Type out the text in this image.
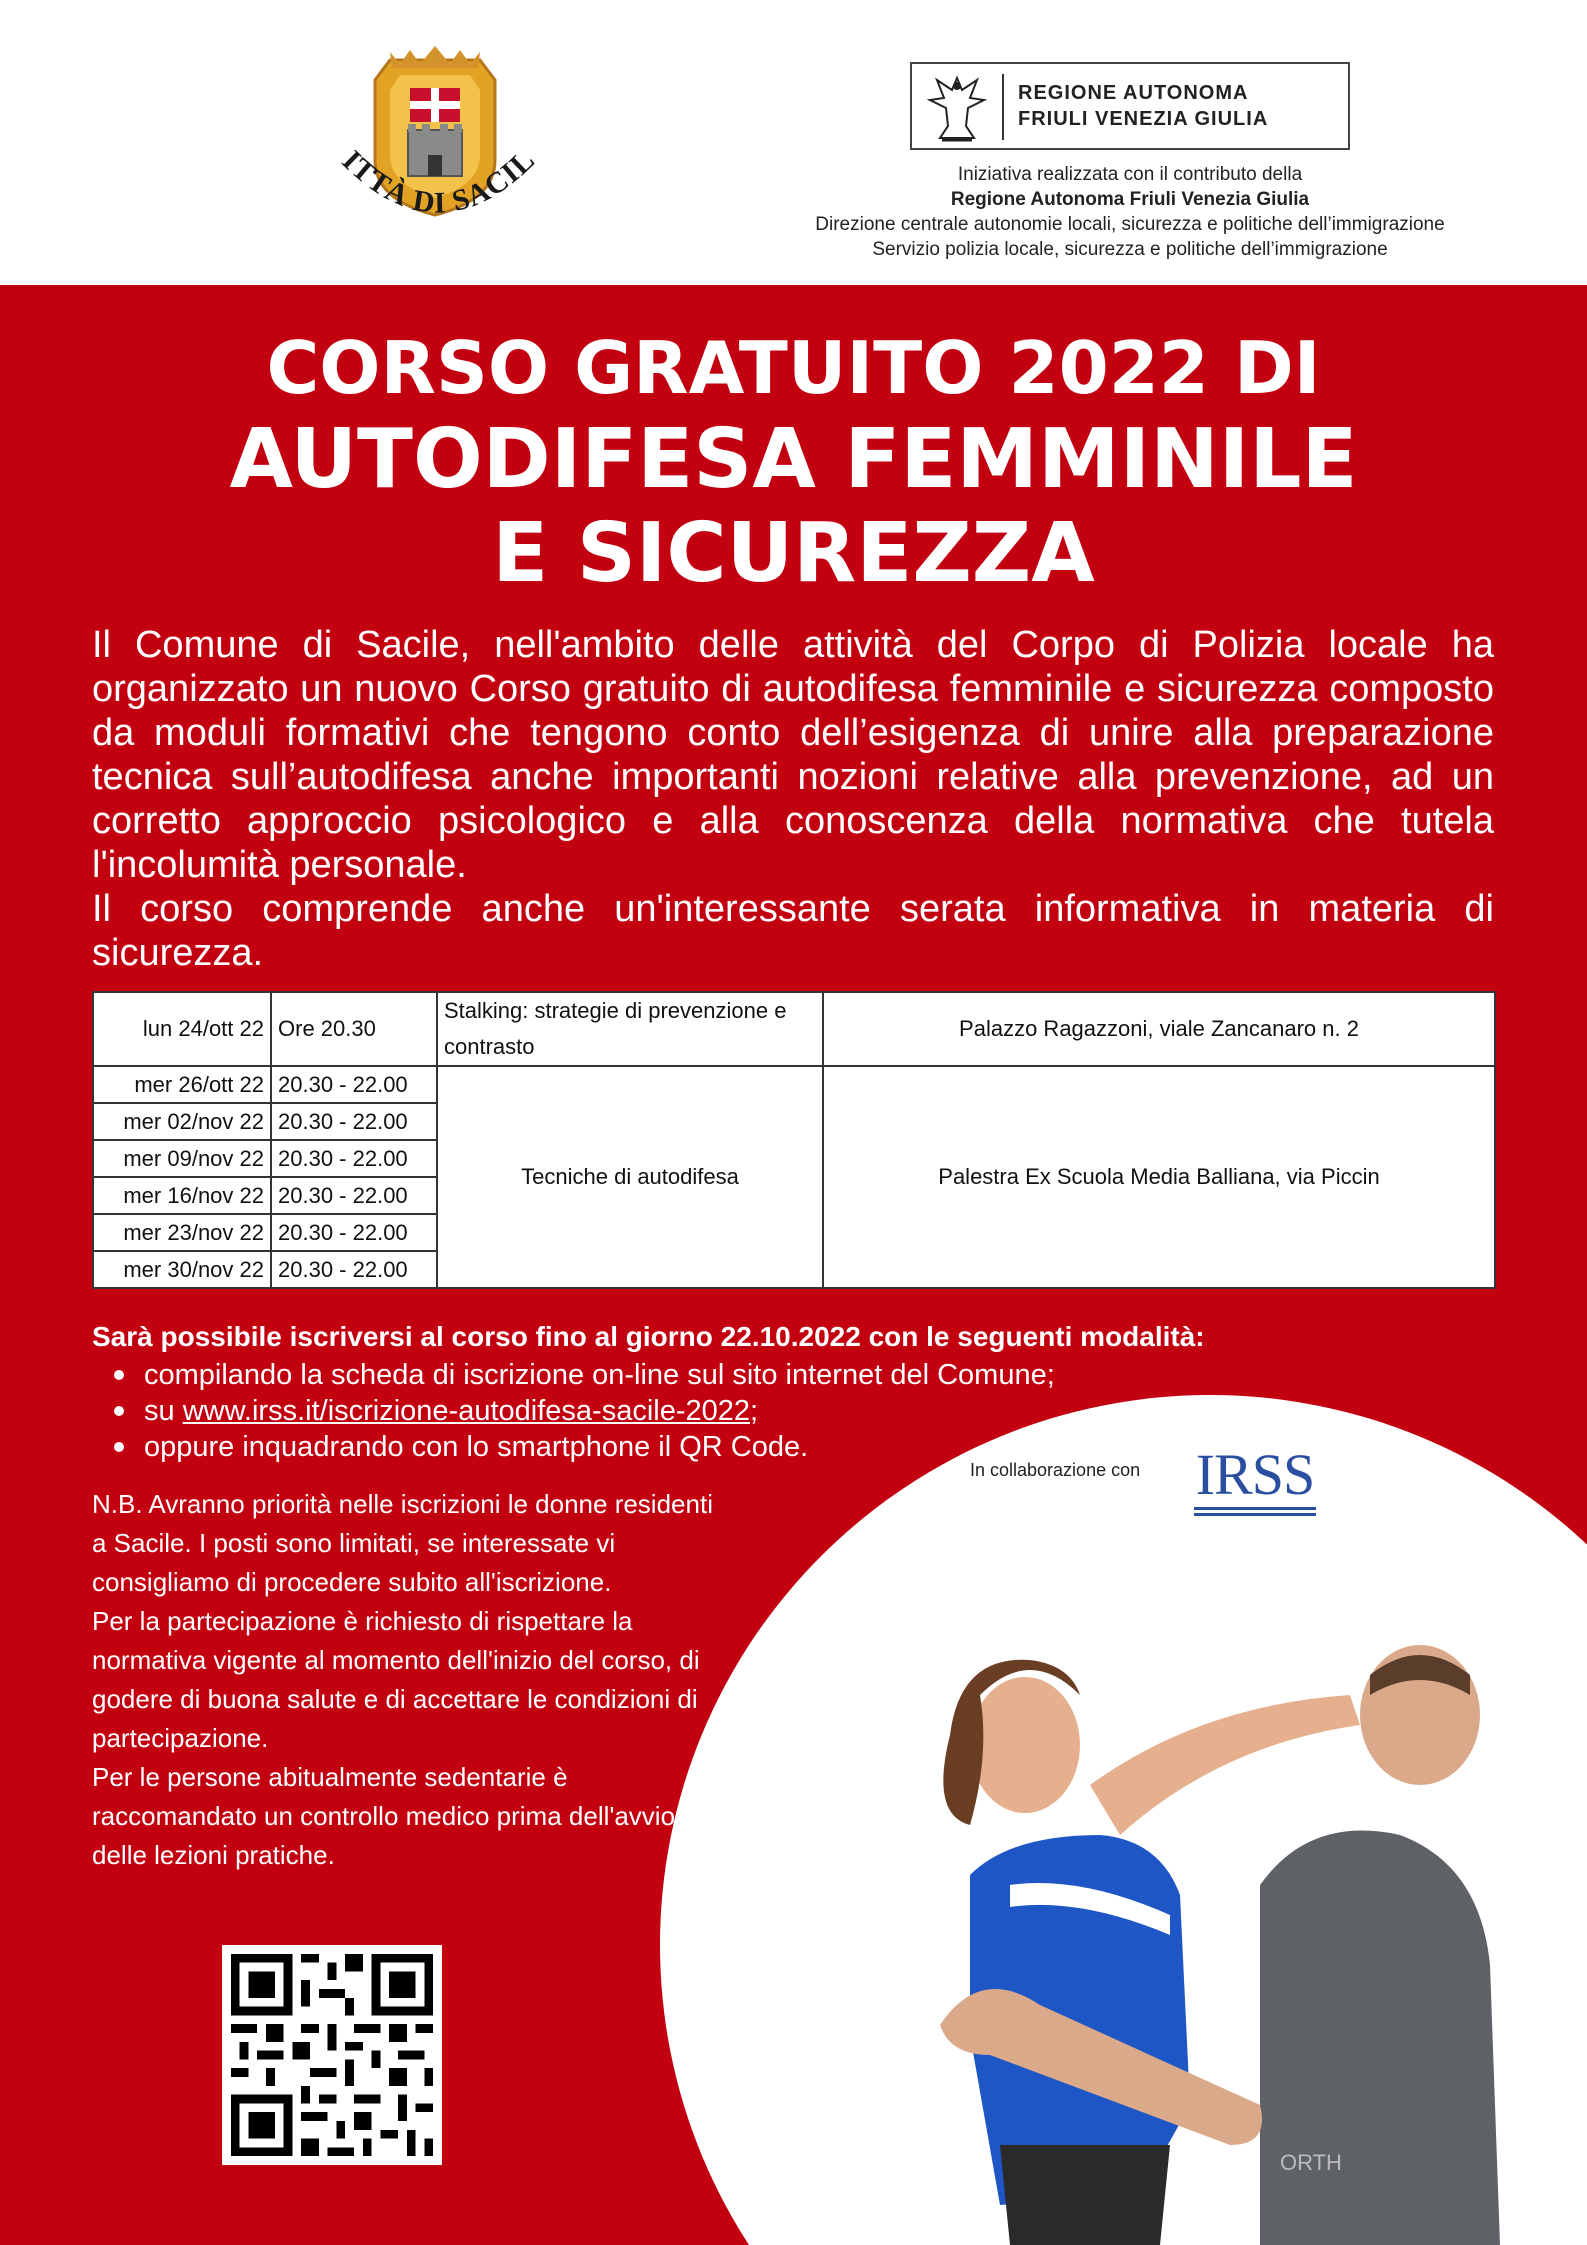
ITTÀ DI SACIL
REGIONE AUTONOMA
FRIULI VENEZIA GIULIA
Iniziativa realizzata con il contributo della
Regione Autonoma Friuli Venezia Giulia
Direzione centrale autonomie locali, sicurezza e politiche dell’immigrazione
Servizio polizia locale, sicurezza e politiche dell’immigrazione
CORSO GRATUITO 2022 DI
AUTODIFESA FEMMINILE
E SICUREZZA

Il Comune di Sacile, nell'ambito delle attività del Corpo di Polizia locale ha organizzato un nuovo Corso gratuito di autodifesa femminile e sicurezza composto da moduli formativi che tengono conto dell’esigenza di unire alla preparazione tecnica sull’autodifesa anche importanti nozioni relative alla prevenzione, ad un corretto approccio psicologico e alla conoscenza della normativa che tutela l'incolumità personale.

Il corso comprende anche un'interessante serata informativa in materia di sicurezza.

lun 24/ott 22	Ore 20.30	Stalking: strategie di prevenzione e contrasto	Palazzo Ragazzoni, viale Zancanaro n. 2
mer 26/ott 22	20.30 - 22.00	Tecniche di autodifesa	Palestra Ex Scuola Media Balliana, via Piccin
mer 02/nov 22	20.30 - 22.00		
mer 09/nov 22	20.30 - 22.00		
mer 16/nov 22	20.30 - 22.00		
mer 23/nov 22	20.30 - 22.00		
mer 30/nov 22	20.30 - 22.00		
Sarà possibile iscriversi al corso fino al giorno 22.10.2022 con le seguenti modalità:
compilando la scheda di iscrizione on-line sul sito internet del Comune;
su www.irss.it/iscrizione-autodifesa-sacile-2022;
oppure inquadrando con lo smartphone il QR Code.
In collaborazione con IRSS

N.B. Avranno priorità nelle iscrizioni le donne residenti a Sacile. I posti sono limitati, se interessate vi consigliamo di procedere subito all'iscrizione.

Per la partecipazione è richiesto di rispettare la normativa vigente al momento dell'inizio del corso, di godere di buona salute e di accettare le condizioni di partecipazione.

Per le persone abitualmente sedentarie è raccomandato un controllo medico prima dell'avvio delle lezioni pratiche.

ORTH
